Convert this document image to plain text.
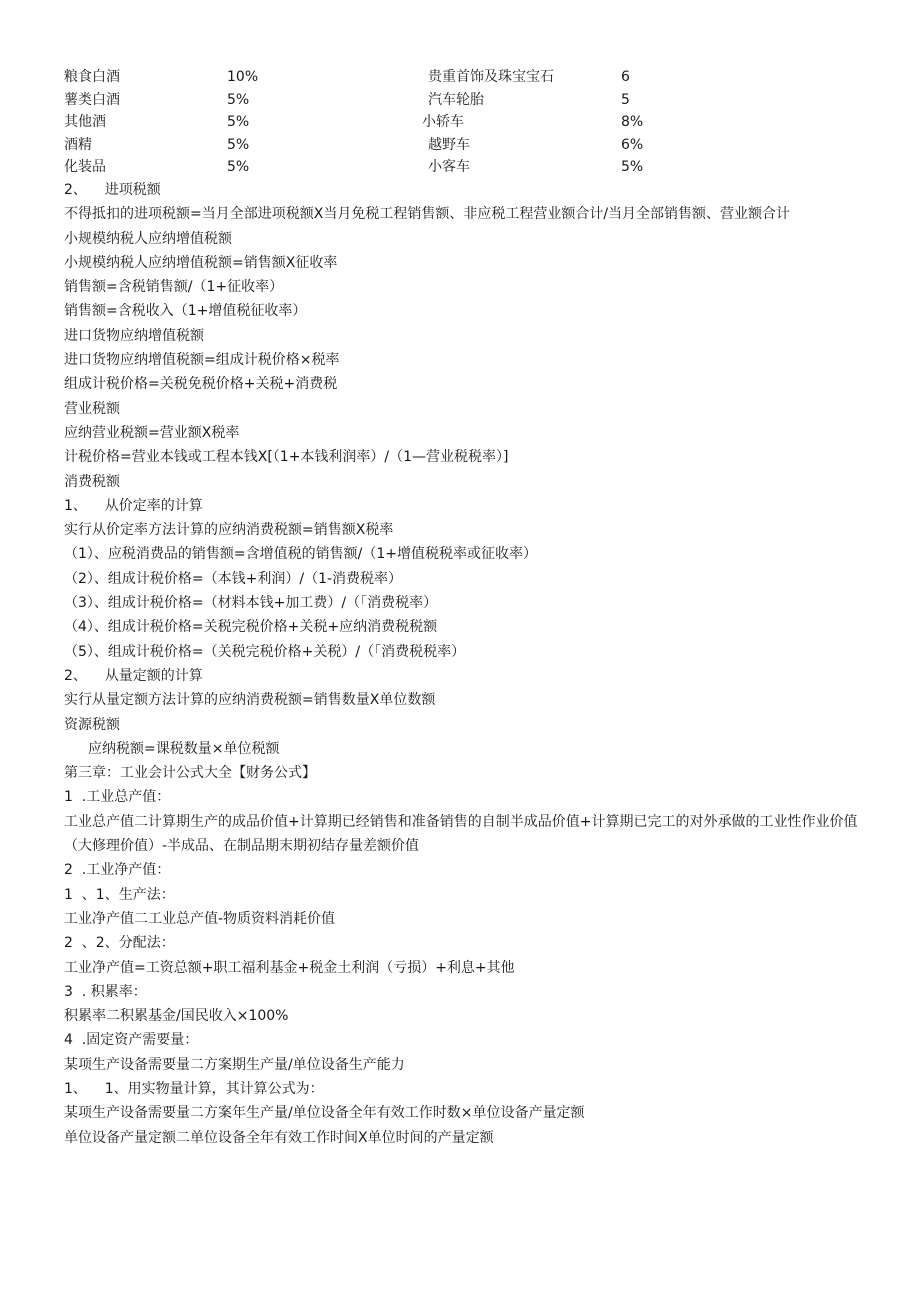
粮食白酒	10%	贵重首饰及珠宝宝石	6
薯类白酒	5%	汽车轮胎	5
其他酒	5%	小轿车	8%
酒精	5%	越野车	6%
化装品	5%	小客车	5%

2、    进项税额

不得抵扣的进项税额=当月全部进项税额X当月免税工程销售额、非应税工程营业额合计/当月全部销售额、营业额合计

小规模纳税人应纳增值税额

小规模纳税人应纳增值税额=销售额X征收率

销售额=含税销售额/（1+征收率）

销售额=含税收入（1+增值税征收率）

进口货物应纳增值税额

进口货物应纳增值税额=组成计税价格×税率

组成计税价格=关税免税价格+关税+消费税

营业税额

应纳营业税额=营业额X税率

计税价格=营业本钱或工程本钱X[（1+本钱利润率）/（1—营业税税率）]

消费税额

1、    从价定率的计算

实行从价定率方法计算的应纳消费税额=销售额X税率

（1）、应税消费品的销售额=含增值税的销售额/（1+增值税税率或征收率）

（2）、组成计税价格=（本钱+利润）/（1-消费税率）

（3）、组成计税价格=（材料本钱+加工费）/（「消费税率）

（4）、组成计税价格=关税完税价格+关税+应纳消费税税额

（5）、组成计税价格=（关税完税价格+关税）/（「消费税税率）

2、    从量定额的计算

实行从量定额方法计算的应纳消费税额=销售数量X单位数额

资源税额

应纳税额=课税数量×单位税额

第三章：工业会计公式大全【财务公式】

1  .工业总产值：

工业总产值二计算期生产的成品价值+计算期已经销售和准备销售的自制半成品价值+计算期已完工的对外承做的工业性作业价值（大修理价值）-半成品、在制品期末期初结存量差额价值

2  .工业净产值：

1  、1、生产法：

工业净产值二工业总产值-物质资料消耗价值

2  、2、分配法：

工业净产值=工资总额+职工福利基金+税金土利润（亏损）+利息+其他

3  . 积累率：

积累率二积累基金/国民收入×100%

4  .固定资产需要量：

某项生产设备需要量二方案期生产量/单位设备生产能力

1、    1、用实物量计算，其计算公式为：

某项生产设备需要量二方案年生产量/单位设备全年有效工作时数×单位设备产量定额

单位设备产量定额二单位设备全年有效工作时间X单位时间的产量定额
